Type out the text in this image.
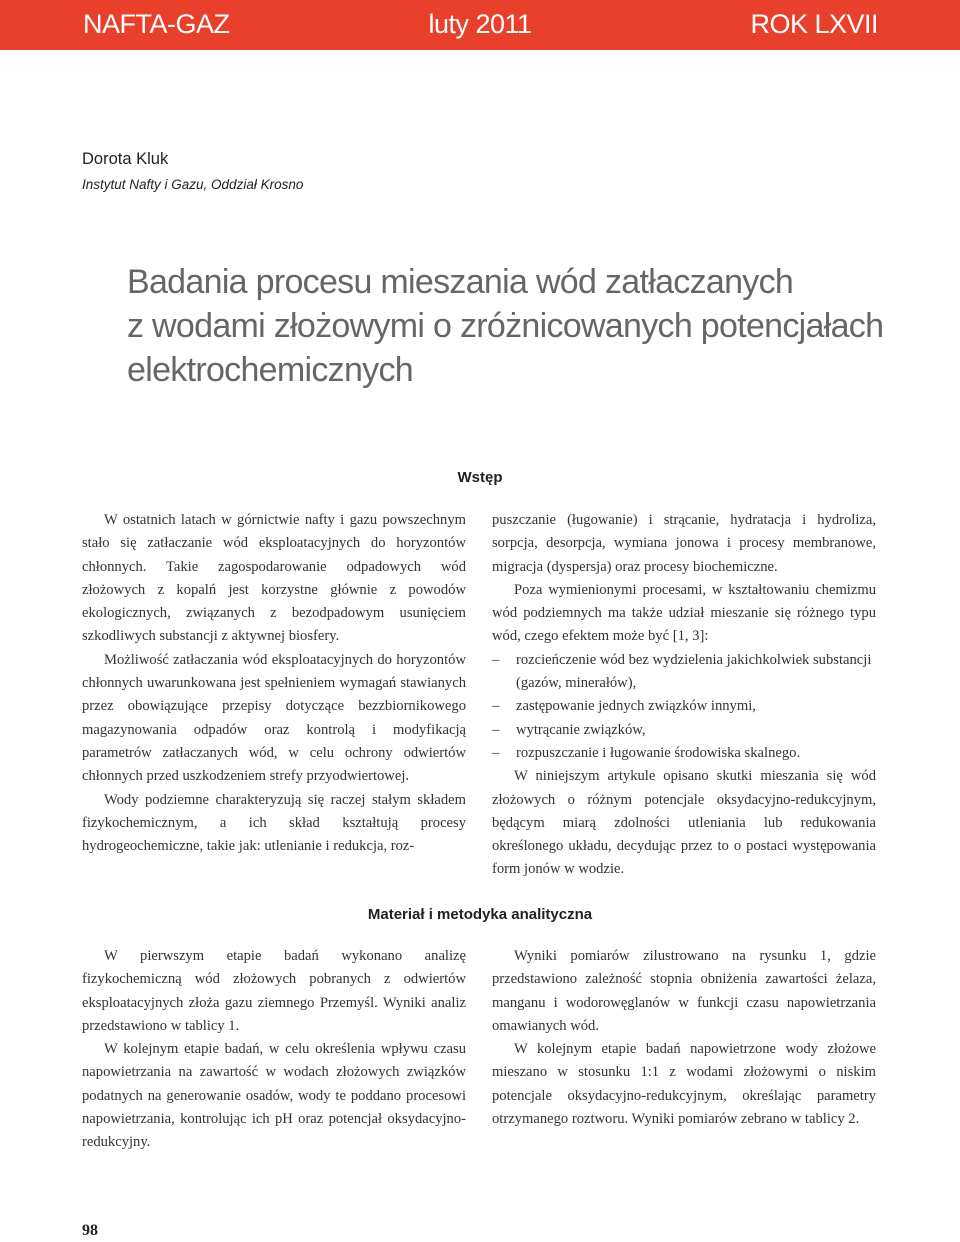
NAFTA-GAZ	luty 2011	ROK LXVII
Dorota Kluk
Instytut Nafty i Gazu, Oddział Krosno
Badania procesu mieszania wód zatłaczanych
z wodami złożowymi o zróżnicowanych potencjałach
elektrochemicznych
Wstęp

W ostatnich latach w górnictwie nafty i gazu powszechnym stało się zatłaczanie wód eksploatacyjnych do horyzontów chłonnych. Takie zagospodarowanie odpadowych wód złożowych z kopalń jest korzystne głównie z powodów ekologicznych, związanych z bezodpadowym usunięciem szkodliwych substancji z aktywnej biosfery.

Możliwość zatłaczania wód eksploatacyjnych do horyzontów chłonnych uwarunkowana jest spełnieniem wymagań stawianych przez obowiązujące przepisy dotyczące bezzbiornikowego magazynowania odpadów oraz kontrolą i modyfikacją parametrów zatłaczanych wód, w celu ochrony odwiertów chłonnych przed uszkodzeniem strefy przyodwiertowej.

Wody podziemne charakteryzują się raczej stałym składem fizykochemicznym, a ich skład kształtują procesy hydrogeochemiczne, takie jak: utlenianie i redukcja, roz-

puszczanie (ługowanie) i strącanie, hydratacja i hydroliza, sorpcja, desorpcja, wymiana jonowa i procesy membranowe, migracja (dyspersja) oraz procesy biochemiczne.

Poza wymienionymi procesami, w kształtowaniu chemizmu wód podziemnych ma także udział mieszanie się różnego typu wód, czego efektem może być [1, 3]:

– rozcieńczenie wód bez wydzielenia jakichkolwiek substancji (gazów, minerałów),
– zastępowanie jednych związków innymi,
– wytrącanie związków,
– rozpuszczanie i ługowanie środowiska skalnego.

W niniejszym artykule opisano skutki mieszania się wód złożowych o różnym potencjale oksydacyjno-redukcyjnym, będącym miarą zdolności utleniania lub redukowania określonego układu, decydując przez to o postaci występowania form jonów w wodzie.

Materiał i metodyka analityczna

W pierwszym etapie badań wykonano analizę fizykochemiczną wód złożowych pobranych z odwiertów eksploatacyjnych złoża gazu ziemnego Przemyśl. Wyniki analiz przedstawiono w tablicy 1.

W kolejnym etapie badań, w celu określenia wpływu czasu napowietrzania na zawartość w wodach złożowych związków podatnych na generowanie osadów, wody te poddano procesowi napowietrzania, kontrolując ich pH oraz potencjał oksydacyjno-redukcyjny.

Wyniki pomiarów zilustrowano na rysunku 1, gdzie przedstawiono zależność stopnia obniżenia zawartości żelaza, manganu i wodorowęglanów w funkcji czasu napowietrzania omawianych wód.

W kolejnym etapie badań napowietrzone wody złożowe mieszano w stosunku 1:1 z wodami złożowymi o niskim potencjale oksydacyjno-redukcyjnym, określając parametry otrzymanego roztworu. Wyniki pomiarów zebrano w tablicy 2.

98
